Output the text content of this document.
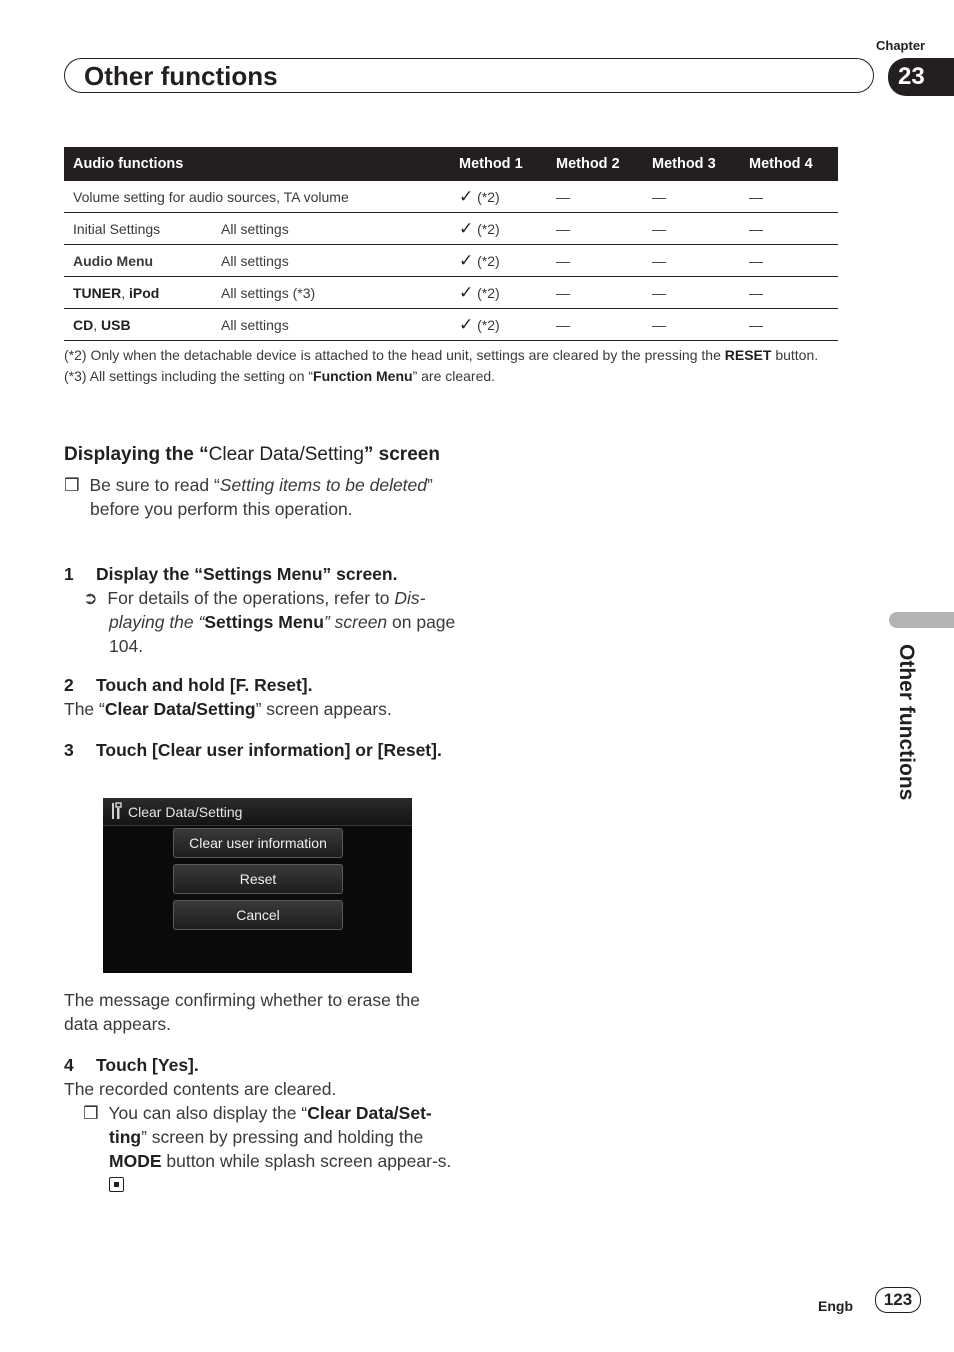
Chapter
Other functions	23
Audio functions		Method 1	Method 2	Method 3	Method 4
Volume setting for audio sources, TA volume		✓ (*2)	—	—	—
Initial Settings	All settings	✓ (*2)	—	—	—
Audio Menu	All settings	✓ (*2)	—	—	—
TUNER, iPod	All settings (*3)	✓ (*2)	—	—	—
CD, USB	All settings	✓ (*2)	—	—	—
(*2) Only when the detachable device is attached to the head unit, settings are cleared by the pressing the RESET button.
(*3) All settings including the setting on “Function Menu” are cleared.
Displaying the “Clear Data/Setting” screen
❒ Be sure to read “Setting items to be deleted” before you perform this operation.
1 Display the “Settings Menu” screen.
➲ For details of the operations, refer to Dis-playing the “Settings Menu” screen on page 104.
2 Touch and hold [F. Reset].
The “Clear Data/Setting” screen appears.
3 Touch [Clear user information] or [Reset].
Clear Data/Setting
Clear user information
Reset
Cancel
The message confirming whether to erase the data appears.
4 Touch [Yes].
The recorded contents are cleared.
❒ You can also display the “Clear Data/Set-ting” screen by pressing and holding the MODE button while splash screen appear-s.
Other functions
Engb	123
